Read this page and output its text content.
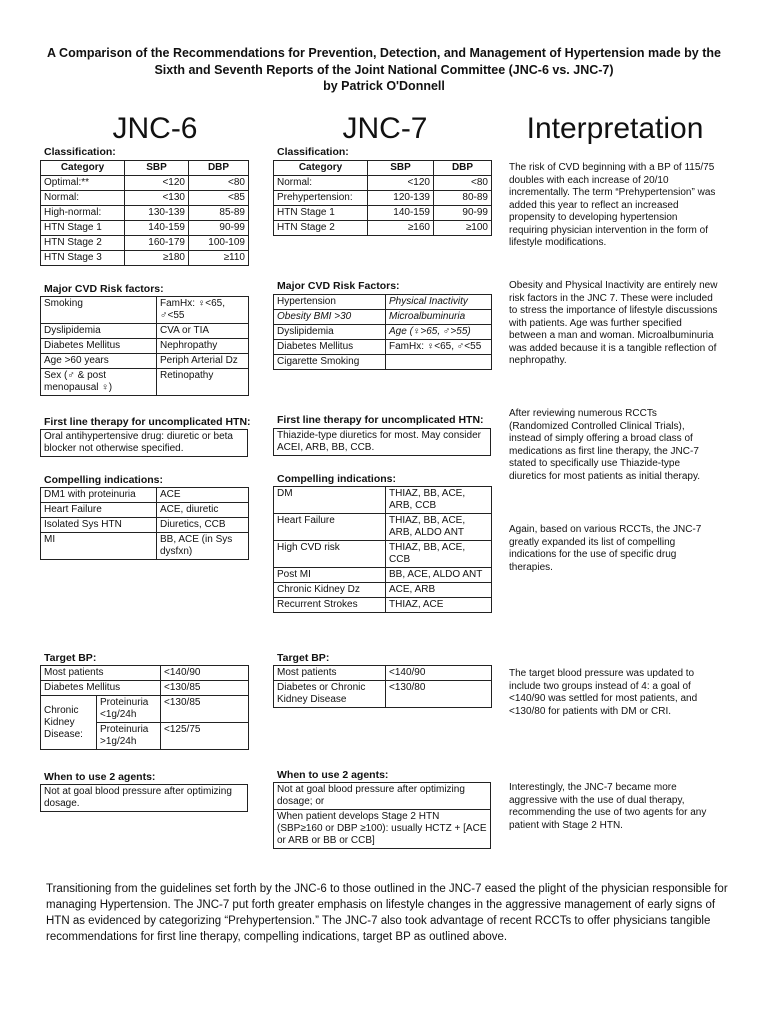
A Comparison of the Recommendations for Prevention, Detection, and Management of Hypertension made by the
Sixth and Seventh Reports of the Joint National Committee (JNC-6 vs. JNC-7)
by Patrick O'Donnell
JNC-6	JNC-7	Interpretation
Classification:
Category	SBP	DBP
Optimal:**	<120	<80
Normal:	<130	<85
High-normal:	130-139	85-89
HTN Stage 1	140-159	90-99
HTN Stage 2	160-179	100-109
HTN Stage 3	≥180	≥110
Major CVD Risk factors:
Smoking	FamHx: ♀<65, ♂<55
Dyslipidemia	CVA or TIA
Diabetes Mellitus	Nephropathy
Age >60 years	Periph Arterial Dz
Sex (♂ & post menopausal ♀)	Retinopathy
First line therapy for uncomplicated HTN:
Oral antihypertensive drug: diuretic or beta blocker not otherwise specified.
Compelling indications:
DM1 with proteinuria	ACE
Heart Failure	ACE, diuretic
Isolated Sys HTN	Diuretics, CCB
MI	BB, ACE (in Sys dysfxn)
Target BP:
Most patients		<140/90
Diabetes Mellitus		<130/85
Chronic Kidney Disease:	Proteinuria <1g/24h	<130/85
	Proteinuria >1g/24h	<125/75
When to use 2 agents:
Not at goal blood pressure after optimizing dosage.
Classification:
Category	SBP	DBP
Normal:	<120	<80
Prehypertension:	120-139	80-89
HTN Stage 1	140-159	90-99
HTN Stage 2	≥160	≥100
Major CVD Risk Factors:
Hypertension	Physical Inactivity
Obesity BMI >30	Microalbuminuria
Dyslipidemia	Age (♀>65, ♂>55)
Diabetes Mellitus	FamHx: ♀<65, ♂<55
Cigarette Smoking	
First line therapy for uncomplicated HTN:
Thiazide-type diuretics for most. May consider ACEI, ARB, BB, CCB.
Compelling indications:
DM	THIAZ, BB, ACE, ARB, CCB
Heart Failure	THIAZ, BB, ACE, ARB, ALDO ANT
High CVD risk	THIAZ, BB, ACE, CCB
Post MI	BB, ACE, ALDO ANT
Chronic Kidney Dz	ACE, ARB
Recurrent Strokes	THIAZ, ACE
Target BP:
Most patients	<140/90
Diabetes or Chronic Kidney Disease	<130/80
When to use 2 agents:
Not at goal blood pressure after optimizing dosage; or
When patient develops Stage 2 HTN (SBP≥160 or DBP ≥100): usually HCTZ + [ACE or ARB or BB or CCB]
The risk of CVD beginning with a BP of 115/75 doubles with each increase of 20/10 incrementally. The term “Prehypertension” was added this year to reflect an increased propensity to developing hypertension requiring physician intervention in the form of lifestyle modifications.
Obesity and Physical Inactivity are entirely new risk factors in the JNC 7. These were included to stress the importance of lifestyle discussions with patients. Age was further specified between a man and woman. Microalbuminuria was added because it is a tangible reflection of nephropathy.
After reviewing numerous RCCTs (Randomized Controlled Clinical Trials), instead of simply offering a broad class of medications as first line therapy, the JNC-7 stated to specifically use Thiazide-type diuretics for most patients as initial therapy.
Again, based on various RCCTs, the JNC-7 greatly expanded its list of compelling indications for the use of specific drug therapies.
The target blood pressure was updated to include two groups instead of 4: a goal of <140/90 was settled for most patients, and <130/80 for patients with DM or CRI.
Interestingly, the JNC-7 became more aggressive with the use of dual therapy, recommending the use of two agents for any patient with Stage 2 HTN.
Transitioning from the guidelines set forth by the JNC-6 to those outlined in the JNC-7 eased the plight of the physician responsible for managing Hypertension. The JNC-7 put forth greater emphasis on lifestyle changes in the aggressive management of early signs of HTN as evidenced by categorizing “Prehypertension.” The JNC-7 also took advantage of recent RCCTs to offer physicians tangible recommendations for first line therapy, compelling indications, target BP as outlined above.
